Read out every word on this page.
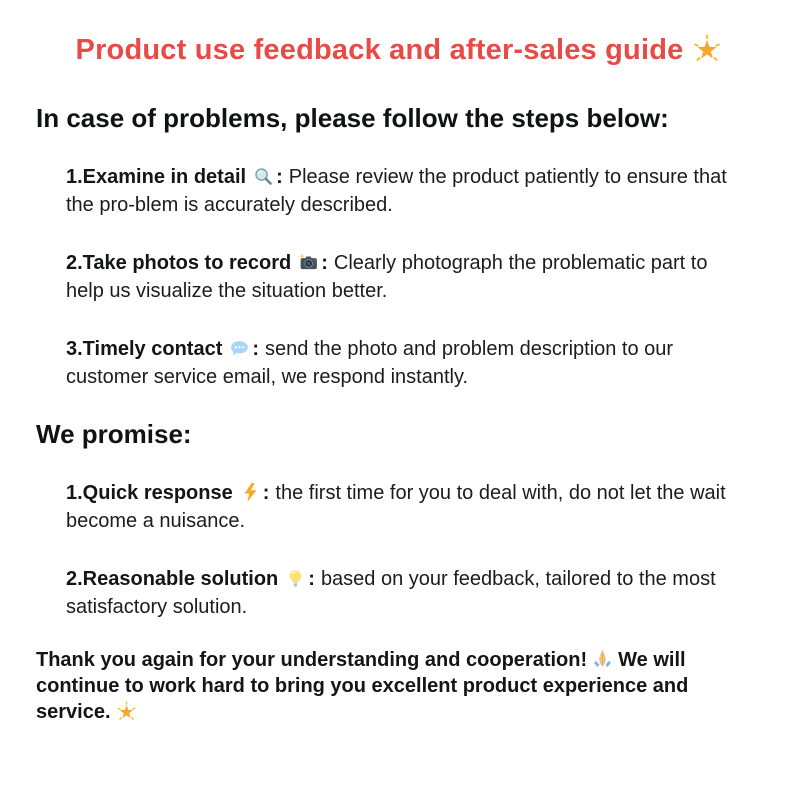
Product use feedback and after-sales guide
In case of problems, please follow the steps below:

1.Examine in detail : Please review the product patiently to ensure that the pro-blem is accurately described.

2.Take photos to record : Clearly photograph the problematic part to help us visualize the situation better.

3.Timely contact : send the photo and problem description to our customer service email, we respond instantly.

We promise:

1.Quick response : the first time for you to deal with, do not let the wait become a nuisance.

2.Reasonable solution : based on your feedback, tailored to the most satisfactory solution.

Thank you again for your understanding and cooperation! We will continue to work hard to bring you excellent product experience and service.
